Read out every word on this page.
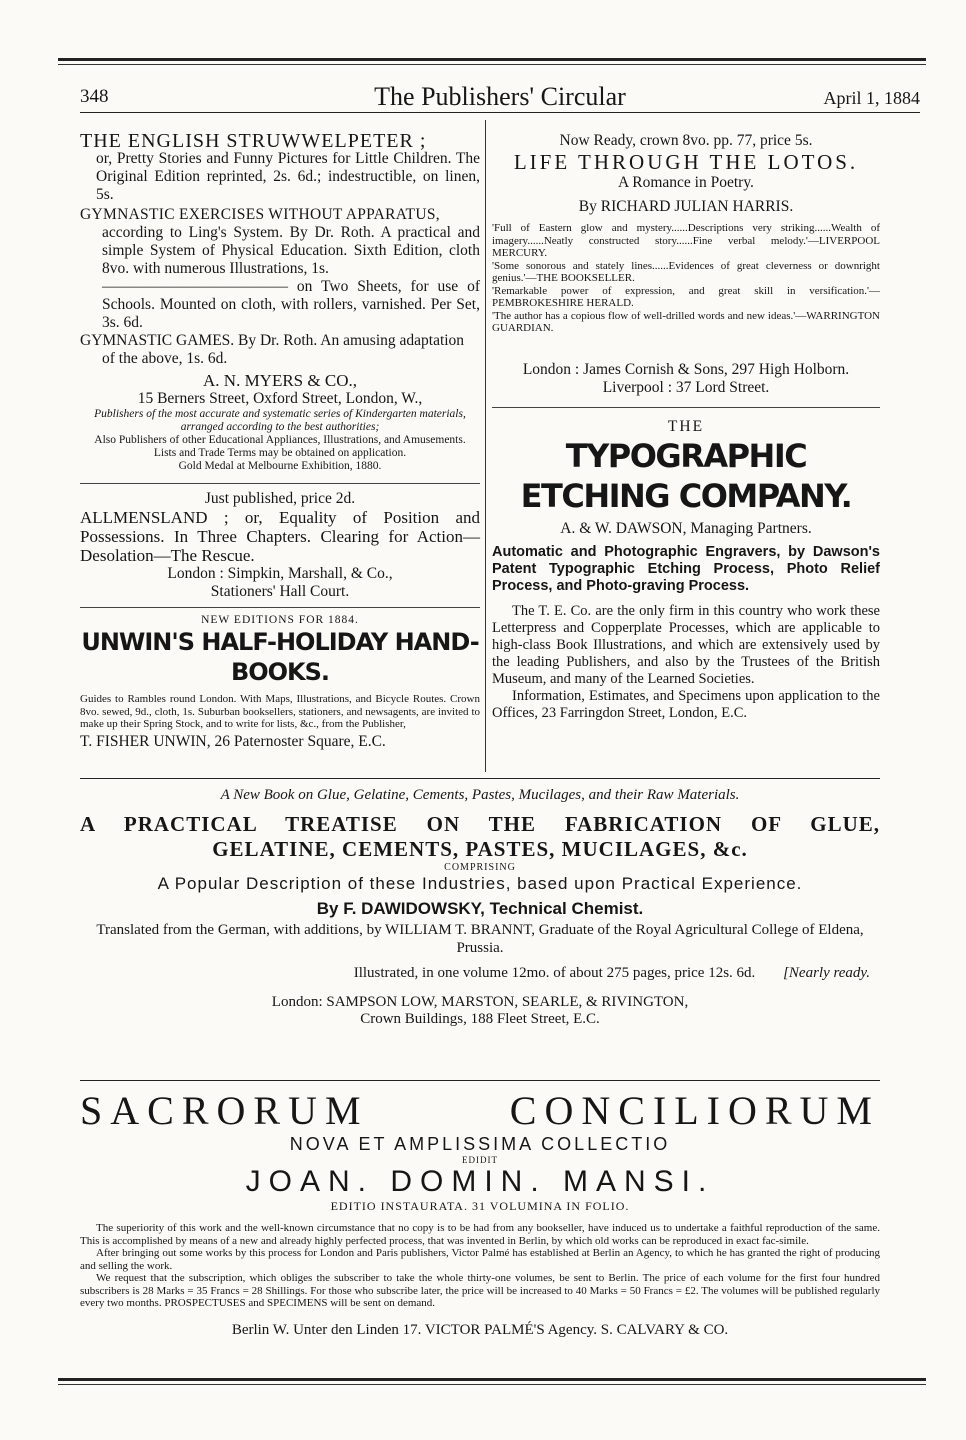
348	The Publishers' Circular	April 1, 1884

THE ENGLISH STRUWWELPETER ;

or, Pretty Stories and Funny Pictures for Little Children. The Original Edition reprinted, 2s. 6d.; indestructible, on linen, 5s.

GYMNASTIC EXERCISES WITHOUT APPARATUS,

according to Ling's System. By Dr. Roth. A practical and simple System of Physical Education. Sixth Edition, cloth 8vo. with numerous Illustrations, 1s.

———————————— on Two Sheets, for use of Schools. Mounted on cloth, with rollers, varnished. Per Set, 3s. 6d.

GYMNASTIC GAMES. By Dr. Roth. An amusing adaptation of the above, 1s. 6d.

A. N. MYERS & CO.,

15 Berners Street, Oxford Street, London, W.,

Publishers of the most accurate and systematic series of Kindergarten materials, arranged according to the best authorities;

Also Publishers of other Educational Appliances, Illustrations, and Amusements.

Lists and Trade Terms may be obtained on application.

Gold Medal at Melbourne Exhibition, 1880.

Just published, price 2d.

ALLMENSLAND ; or, Equality of Position and Possessions. In Three Chapters. Clearing for Action—Desolation—The Rescue.

London : Simpkin, Marshall, & Co.,

Stationers' Hall Court.

NEW EDITIONS FOR 1884.

UNWIN'S HALF-HOLIDAY HAND-BOOKS.

Guides to Rambles round London. With Maps, Illustrations, and Bicycle Routes. Crown 8vo. sewed, 9d., cloth, 1s. Suburban booksellers, stationers, and newsagents, are invited to make up their Spring Stock, and to write for lists, &c., from the Publisher,

T. FISHER UNWIN, 26 Paternoster Square, E.C.

Now Ready, crown 8vo. pp. 77, price 5s.

LIFE THROUGH THE LOTOS.

A Romance in Poetry.

By RICHARD JULIAN HARRIS.

'Full of Eastern glow and mystery......Descriptions very striking......Wealth of imagery......Neatly constructed story......Fine verbal melody.'—LIVERPOOL MERCURY.

'Some sonorous and stately lines......Evidences of great cleverness or downright genius.'—THE BOOKSELLER.

'Remarkable power of expression, and great skill in versification.'—PEMBROKESHIRE HERALD.

'The author has a copious flow of well-drilled words and new ideas.'—WARRINGTON GUARDIAN.

London : James Cornish & Sons, 297 High Holborn.

Liverpool : 37 Lord Street.

THE

TYPOGRAPHIC ETCHING COMPANY.

A. & W. DAWSON, Managing Partners.

Automatic and Photographic Engravers, by Dawson's Patent Typographic Etching Process, Photo Relief Process, and Photo-graving Process.

The T. E. Co. are the only firm in this country who work these Letterpress and Copperplate Processes, which are applicable to high-class Book Illustrations, and which are extensively used by the leading Publishers, and also by the Trustees of the British Museum, and many of the Learned Societies.

Information, Estimates, and Specimens upon application to the Offices, 23 Farringdon Street, London, E.C.

A New Book on Glue, Gelatine, Cements, Pastes, Mucilages, and their Raw Materials.

A PRACTICAL TREATISE ON THE FABRICATION OF GLUE,

GELATINE, CEMENTS, PASTES, MUCILAGES, &c.

COMPRISING

A Popular Description of these Industries, based upon Practical Experience.

By F. DAWIDOWSKY, Technical Chemist.

Translated from the German, with additions, by WILLIAM T. BRANNT, Graduate of the Royal Agricultural College of Eldena, Prussia.

Illustrated, in one volume 12mo. of about 275 pages, price 12s. 6d. [Nearly ready.

London: SAMPSON LOW, MARSTON, SEARLE, & RIVINGTON,

Crown Buildings, 188 Fleet Street, E.C.

SACRORUM CONCILIORUM

NOVA ET AMPLISSIMA COLLECTIO

EDIDIT

JOAN. DOMIN. MANSI.

EDITIO INSTAURATA. 31 VOLUMINA IN FOLIO.

The superiority of this work and the well-known circumstance that no copy is to be had from any bookseller, have induced us to undertake a faithful reproduction of the same. This is accomplished by means of a new and already highly perfected process, that was invented in Berlin, by which old works can be reproduced in exact fac-simile.

After bringing out some works by this process for London and Paris publishers, Victor Palmé has established at Berlin an Agency, to which he has granted the right of producing and selling the work.

We request that the subscription, which obliges the subscriber to take the whole thirty-one volumes, be sent to Berlin. The price of each volume for the first four hundred subscribers is 28 Marks = 35 Francs = 28 Shillings. For those who subscribe later, the price will be increased to 40 Marks = 50 Francs = £2. The volumes will be published regularly every two months. PROSPECTUSES and SPECIMENS will be sent on demand.

Berlin W. Unter den Linden 17. VICTOR PALMÉ'S Agency. S. CALVARY & CO.
